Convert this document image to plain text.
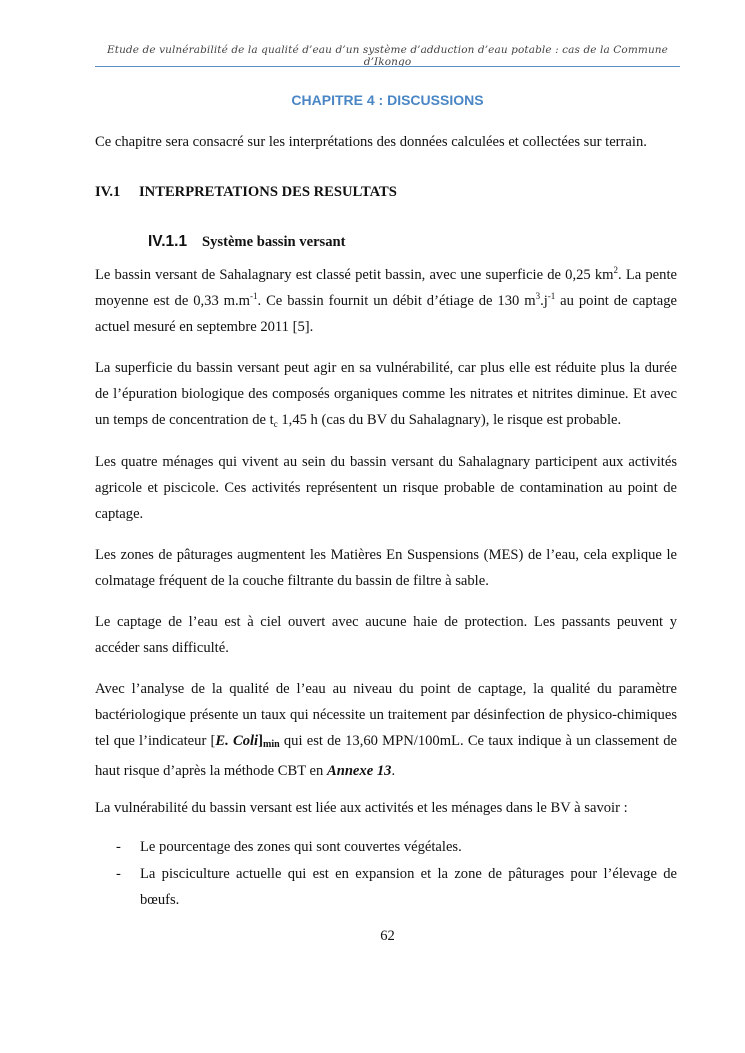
Etude de vulnérabilité de la qualité d’eau d’un système d’adduction d’eau potable : cas de la Commune d’Ikongo
CHAPITRE 4 : DISCUSSIONS
Ce chapitre sera consacré sur les interprétations des données calculées et collectées sur terrain.
IV.1 INTERPRETATIONS DES RESULTATS
IV.1.1 Système bassin versant
Le bassin versant de Sahalagnary est classé petit bassin, avec une superficie de 0,25 $km^2$. La pente moyenne est de 0,33 $m.m^{-1}$. Ce bassin fournit un débit d’étiage de 130 $m^3.j^{-1}$ au point de captage actuel mesuré en septembre 2011 [5].
La superficie du bassin versant peut agir en sa vulnérabilité, car plus elle est réduite plus la durée de l’épuration biologique des composés organiques comme les nitrates et nitrites diminue. Et avec un temps de concentration de $t_c$ 1,45 h (cas du BV du Sahalagnary), le risque est probable.
Les quatre ménages qui vivent au sein du bassin versant du Sahalagnary participent aux activités agricole et piscicole. Ces activités représentent un risque probable de contamination au point de captage.
Les zones de pâturages augmentent les Matières En Suspensions (MES) de l’eau, cela explique le colmatage fréquent de la couche filtrante du bassin de filtre à sable.
Le captage de l’eau est à ciel ouvert avec aucune haie de protection. Les passants peuvent y accéder sans difficulté.
Avec l’analyse de la qualité de l’eau au niveau du point de captage, la qualité du paramètre bactériologique présente un taux qui nécessite un traitement par désinfection de physico-chimiques tel que l’indicateur [E. Coli]min qui est de 13,60 MPN/100mL. Ce taux indique à un classement de haut risque d’après la méthode CBT en Annexe 13.
La vulnérabilité du bassin versant est liée aux activités et les ménages dans le BV à savoir :
- Le pourcentage des zones qui sont couvertes végétales.
- La pisciculture actuelle qui est en expansion et la zone de pâturages pour l’élevage de bœufs.
62
